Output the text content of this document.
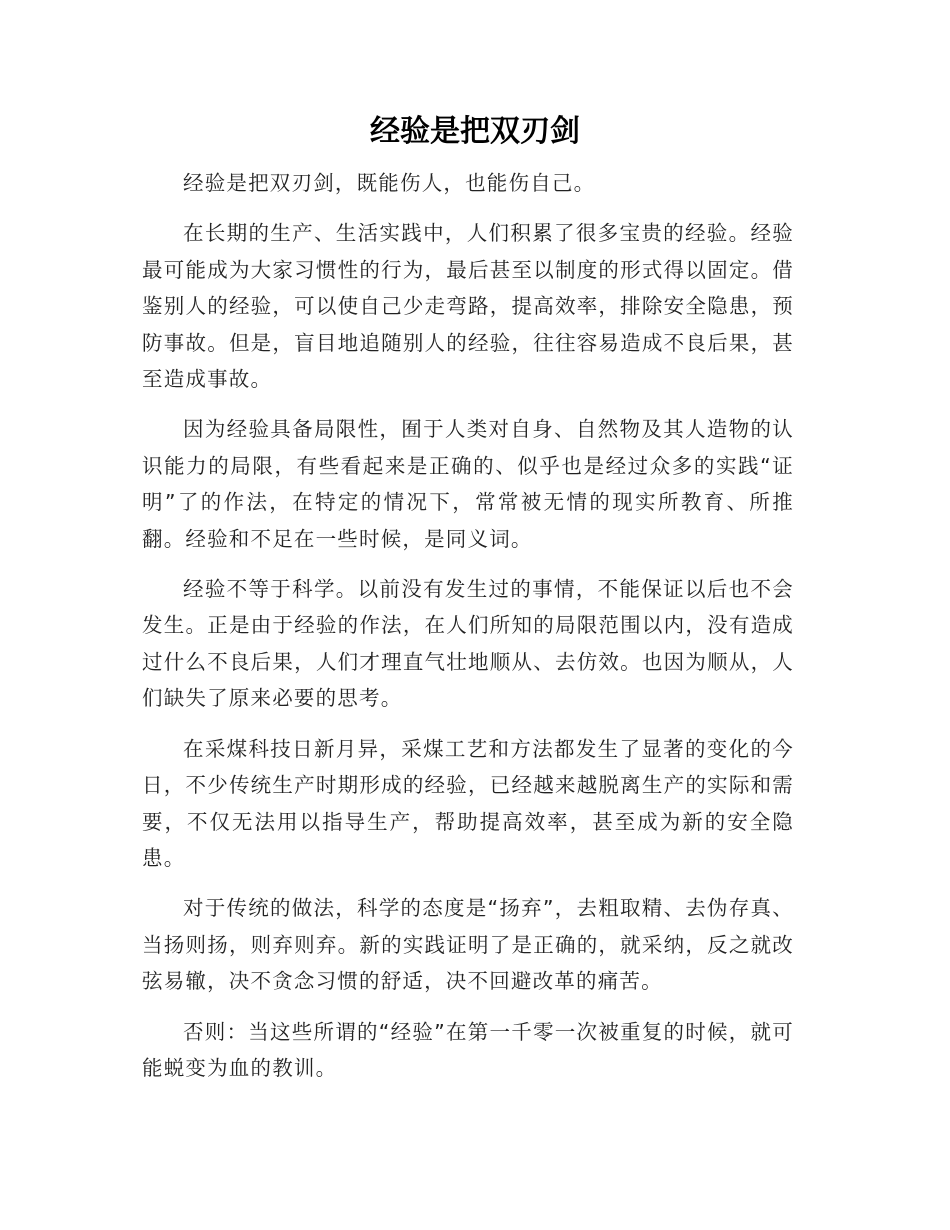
经验是把双刃剑

经验是把双刃剑，既能伤人，也能伤自己。

在长期的生产、生活实践中，人们积累了很多宝贵的经验。经验最可能成为大家习惯性的行为，最后甚至以制度的形式得以固定。借鉴别人的经验，可以使自己少走弯路，提高效率，排除安全隐患，预防事故。但是，盲目地追随别人的经验，往往容易造成不良后果，甚至造成事故。

因为经验具备局限性，囿于人类对自身、自然物及其人造物的认识能力的局限，有些看起来是正确的、似乎也是经过众多的实践“证明”了的作法，在特定的情况下，常常被无情的现实所教育、所推翻。经验和不足在一些时候，是同义词。

经验不等于科学。以前没有发生过的事情，不能保证以后也不会发生。正是由于经验的作法，在人们所知的局限范围以内，没有造成过什么不良后果，人们才理直气壮地顺从、去仿效。也因为顺从，人们缺失了原来必要的思考。

在采煤科技日新月异，采煤工艺和方法都发生了显著的变化的今日，不少传统生产时期形成的经验，已经越来越脱离生产的实际和需要，不仅无法用以指导生产，帮助提高效率，甚至成为新的安全隐患。

对于传统的做法，科学的态度是“扬弃”，去粗取精、去伪存真、当扬则扬，则弃则弃。新的实践证明了是正确的，就采纳，反之就改弦易辙，决不贪念习惯的舒适，决不回避改革的痛苦。

否则：当这些所谓的“经验”在第一千零一次被重复的时候，就可能蜕变为血的教训。
